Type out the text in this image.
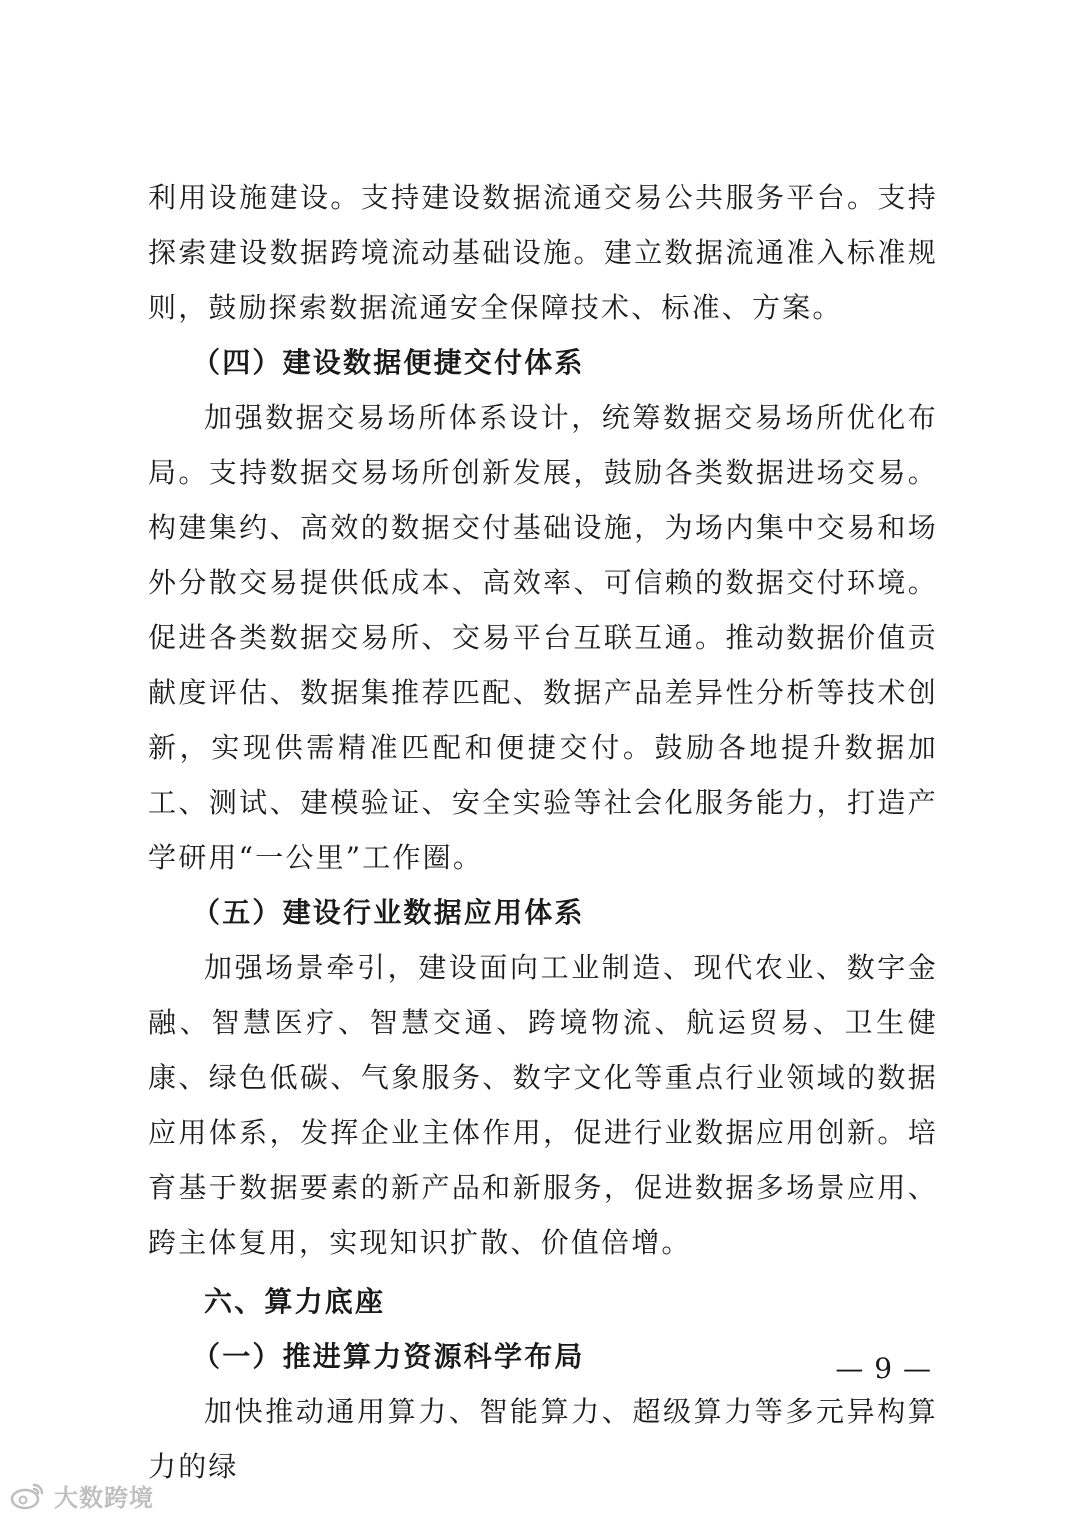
利用设施建设。支持建设数据流通交易公共服务平台。支持探索建设数据跨境流动基础设施。建立数据流通准入标准规则，鼓励探索数据流通安全保障技术、标准、方案。

（四）建设数据便捷交付体系

加强数据交易场所体系设计，统筹数据交易场所优化布局。支持数据交易场所创新发展，鼓励各类数据进场交易。构建集约、高效的数据交付基础设施，为场内集中交易和场外分散交易提供低成本、高效率、可信赖的数据交付环境。促进各类数据交易所、交易平台互联互通。推动数据价值贡献度评估、数据集推荐匹配、数据产品差异性分析等技术创新，实现供需精准匹配和便捷交付。鼓励各地提升数据加工、测试、建模验证、安全实验等社会化服务能力，打造产学研用“一公里”工作圈。

（五）建设行业数据应用体系

加强场景牵引，建设面向工业制造、现代农业、数字金融、智慧医疗、智慧交通、跨境物流、航运贸易、卫生健康、绿色低碳、气象服务、数字文化等重点行业领域的数据应用体系，发挥企业主体作用，促进行业数据应用创新。培育基于数据要素的新产品和新服务，促进数据多场景应用、跨主体复用，实现知识扩散、价值倍增。

六、算力底座

（一）推进算力资源科学布局

加快推动通用算力、智能算力、超级算力等多元异构算力的绿

— 9 —
大数跨境
